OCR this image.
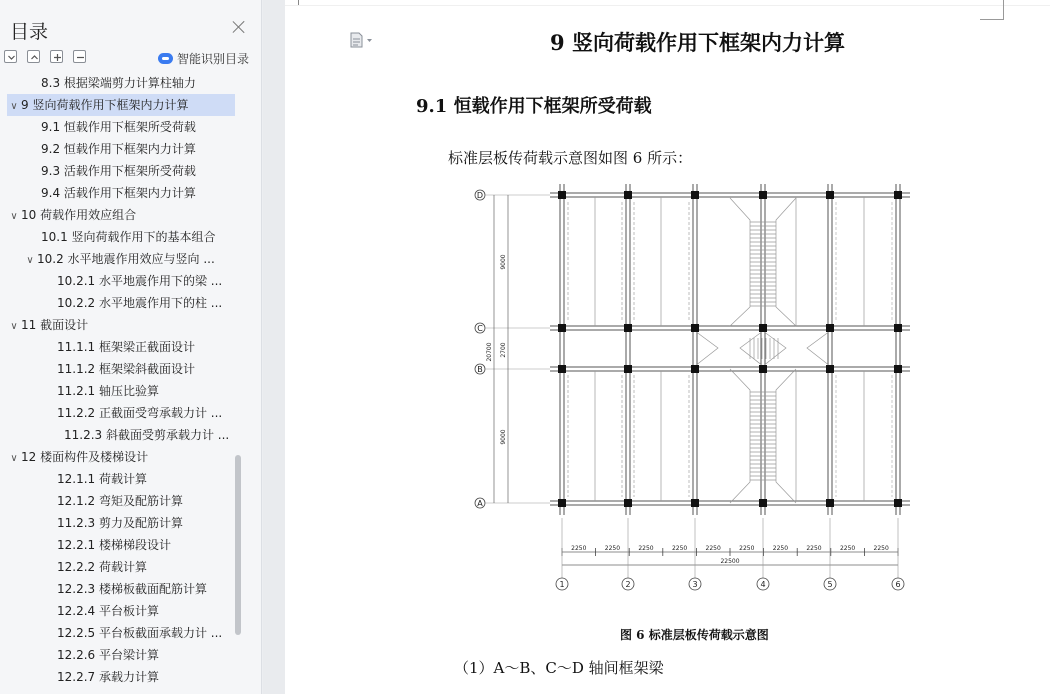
目录
智能识别目录
8.3 根据梁端剪力计算柱轴力
∨ 9 竖向荷载作用下框架内力计算
9.1 恒载作用下框架所受荷载
9.2 恒载作用下框架内力计算
9.3 活载作用下框架所受荷载
9.4 活载作用下框架内力计算
∨ 10 荷载作用效应组合
10.1 竖向荷载作用下的基本组合
∨ 10.2 水平地震作用效应与竖向 ...
10.2.1 水平地震作用下的梁 ...
10.2.2 水平地震作用下的柱 ...
∨ 11 截面设计
11.1.1 框架梁正截面设计
11.1.2 框架梁斜截面设计
11.2.1 轴压比验算
11.2.2 正截面受弯承载力计 ...
11.2.3 斜截面受剪承载力计 ...
∨ 12 楼面构件及楼梯设计
12.1.1 荷载计算
12.1.2 弯矩及配筋计算
11.2.3 剪力及配筋计算
12.2.1 楼梯梯段设计
12.2.2 荷载计算
12.2.3 楼梯板截面配筋计算
12.2.4 平台板计算
12.2.5 平台板截面承载力计 ...
12.2.6 平台梁计算
12.2.7 承载力计算
9 竖向荷载作用下框架内力计算
9.1 恒载作用下框架所受荷载
标准层板传荷载示意图如图 6 所示：
D
C
B
A
20700
9000
2700
9000
2250	2250	2250	2250	2250	2250	2250	2250	2250	2250
22500
1	2	3	4	5	6
图 6 标准层板传荷载示意图
（1）A～B、C～D 轴间框架梁
